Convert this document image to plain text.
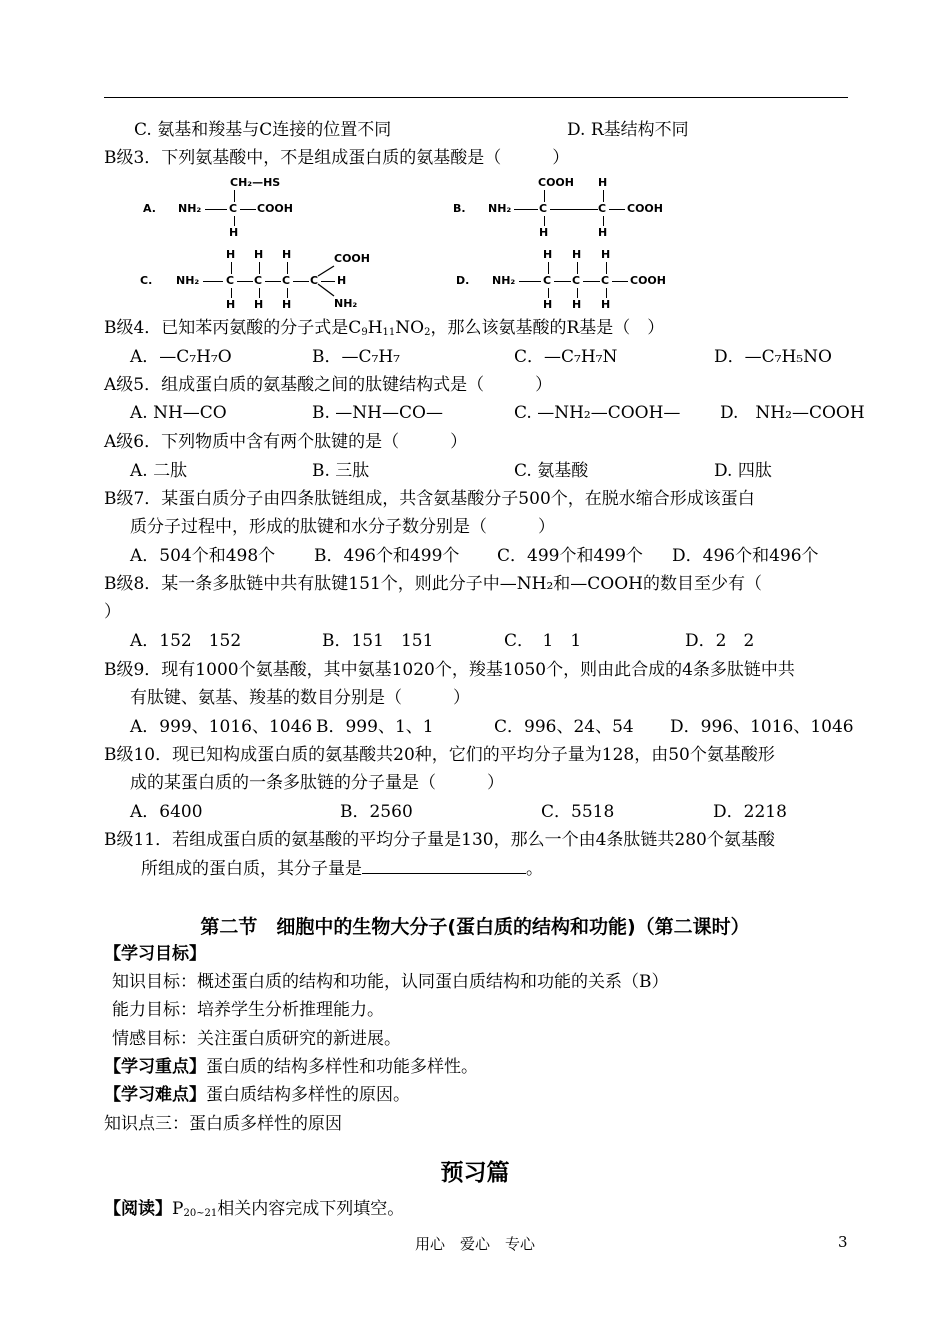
C. 氨基和羧基与C连接的位置不同	D. R基结构不同
B级3．下列氨基酸中，不是组成蛋白质的氨基酸是（　　　）
A.
CH₂—HS
NH₂	C COOH
H
B.
COOH H
NH₂	C	C COOH
H	H
C.
H H H	COOH
NH₂ C C C C H
H H H	NH₂
D.
H H H
NH₂	C C C COOH
H H H
B级4．已知苯丙氨酸的分子式是$C_9H_{11}NO_2$，那么该氨基酸的R基是（　）
A．—C₇H₇O	B．—C₇H₇	C．—C₇H₇N	D．—C₇H₅NO
A级5．组成蛋白质的氨基酸之间的肽键结构式是（　　　）
A. NH—CO	B. —NH—CO—	C. —NH₂—COOH— D.　NH₂—COOH
A级6．下列物质中含有两个肽键的是（　　　）
A. 二肽	B. 三肽	C. 氨基酸	D. 四肽
B级7．某蛋白质分子由四条肽链组成，共含氨基酸分子500个，在脱水缩合形成该蛋白
质分子过程中，形成的肽键和水分子数分别是（　　　）
A．504个和498个 B．496个和499个 C．499个和499个 D．496个和496个
B级8．某一条多肽链中共有肽键151个，则此分子中—NH₂和—COOH的数目至少有（
）
A．152　152	B．151　151	C．　1　1	D．2　2
B级9．现有1000个氨基酸，其中氨基1020个，羧基1050个，则由此合成的4条多肽链中共
有肽键、氨基、羧基的数目分别是（　　　）
A．999、1016、1046 B．999、1、1	C．996、24、54 D．996、1016、1046
B级10．现已知构成蛋白质的氨基酸共20种，它们的平均分子量为128，由50个氨基酸形
成的某蛋白质的一条多肽链的分子量是（　　　）
A．6400	B．2560	C．5518	D．2218
B级11．若组成蛋白质的氨基酸的平均分子量是130，那么一个由4条肽链共280个氨基酸
所组成的蛋白质，其分子量是	。
第二节　细胞中的生物大分子(蛋白质的结构和功能)（第二课时）
【学习目标】
知识目标：概述蛋白质的结构和功能，认同蛋白质结构和功能的关系（B）
能力目标：培养学生分析推理能力。
情感目标：关注蛋白质研究的新进展。
【学习重点】蛋白质的结构多样性和功能多样性。
【学习难点】蛋白质结构多样性的原因。
知识点三：蛋白质多样性的原因
预习篇
【阅读】$P_{20\sim 21}$相关内容完成下列填空。
用心　爱心　专心	3
